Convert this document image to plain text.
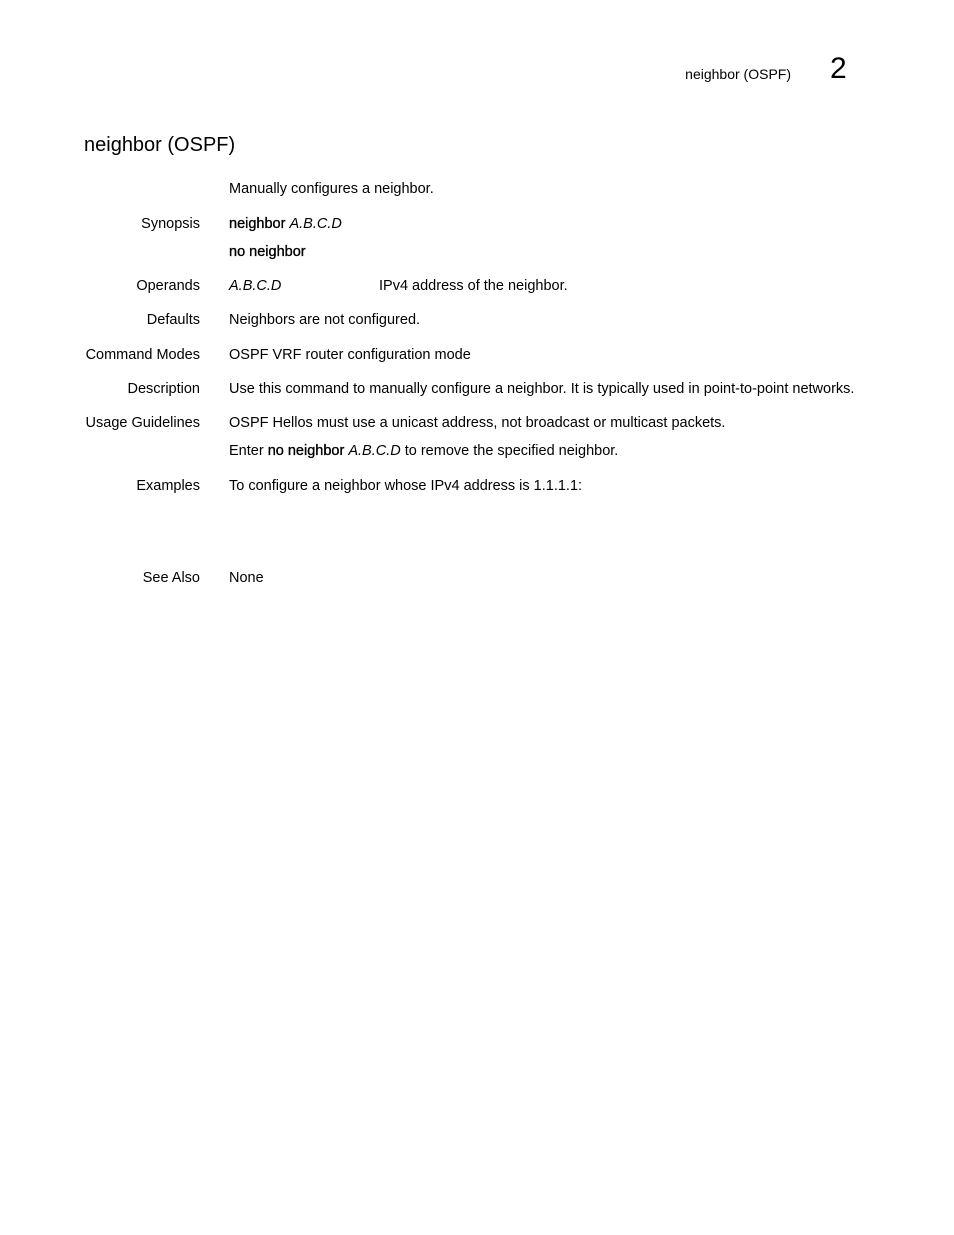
neighbor (OSPF) 2
neighbor (OSPF)
Manually configures a neighbor.
Synopsis neighbor A.B.C.D
no neighbor
Operands A.B.C.D	IPv4 address of the neighbor.
Defaults Neighbors are not configured.
Command Modes OSPF VRF router configuration mode
Description Use this command to manually configure a neighbor. It is typically used in point-to-point networks.
Usage Guidelines OSPF Hellos must use a unicast address, not broadcast or multicast packets.
Enter no neighbor A.B.C.D to remove the specified neighbor.
Examples To configure a neighbor whose IPv4 address is 1.1.1.1:
See Also None
